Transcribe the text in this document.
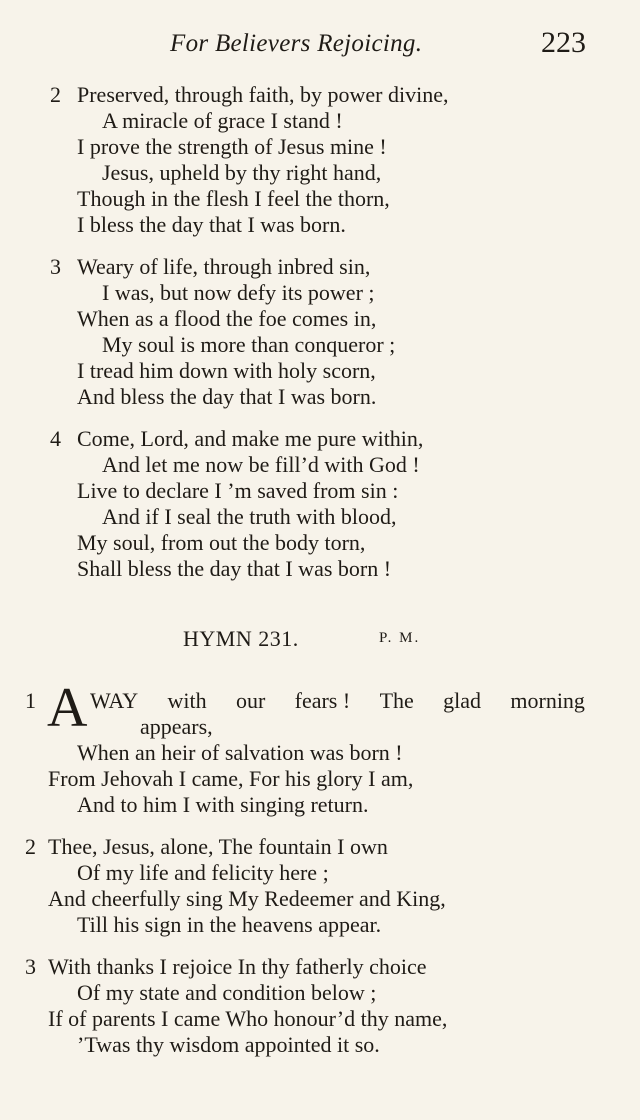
For Believers Rejoicing.	223
2 Preserved, through faith, by power divine,
A miracle of grace I stand !
I prove the strength of Jesus mine !
Jesus, upheld by thy right hand,
Though in the flesh I feel the thorn,
I bless the day that I was born.
3 Weary of life, through inbred sin,
I was, but now defy its power ;
When as a flood the foe comes in,
My soul is more than conqueror ;
I tread him down with holy scorn,
And bless the day that I was born.
4 Come, Lord, and make me pure within,
And let me now be fill’d with God !
Live to declare I ’m saved from sin :
And if I seal the truth with blood,
My soul, from out the body torn,
Shall bless the day that I was born !
HYMN 231.	P. M.
1 A WAY with our fears ! The glad morning
appears,
When an heir of salvation was born !
From Jehovah I came, For his glory I am,
And to him I with singing return.
2 Thee, Jesus, alone, The fountain I own
Of my life and felicity here ;
And cheerfully sing My Redeemer and King,
Till his sign in the heavens appear.
3 With thanks I rejoice In thy fatherly choice
Of my state and condition below ;
If of parents I came Who honour’d thy name,
’Twas thy wisdom appointed it so.
